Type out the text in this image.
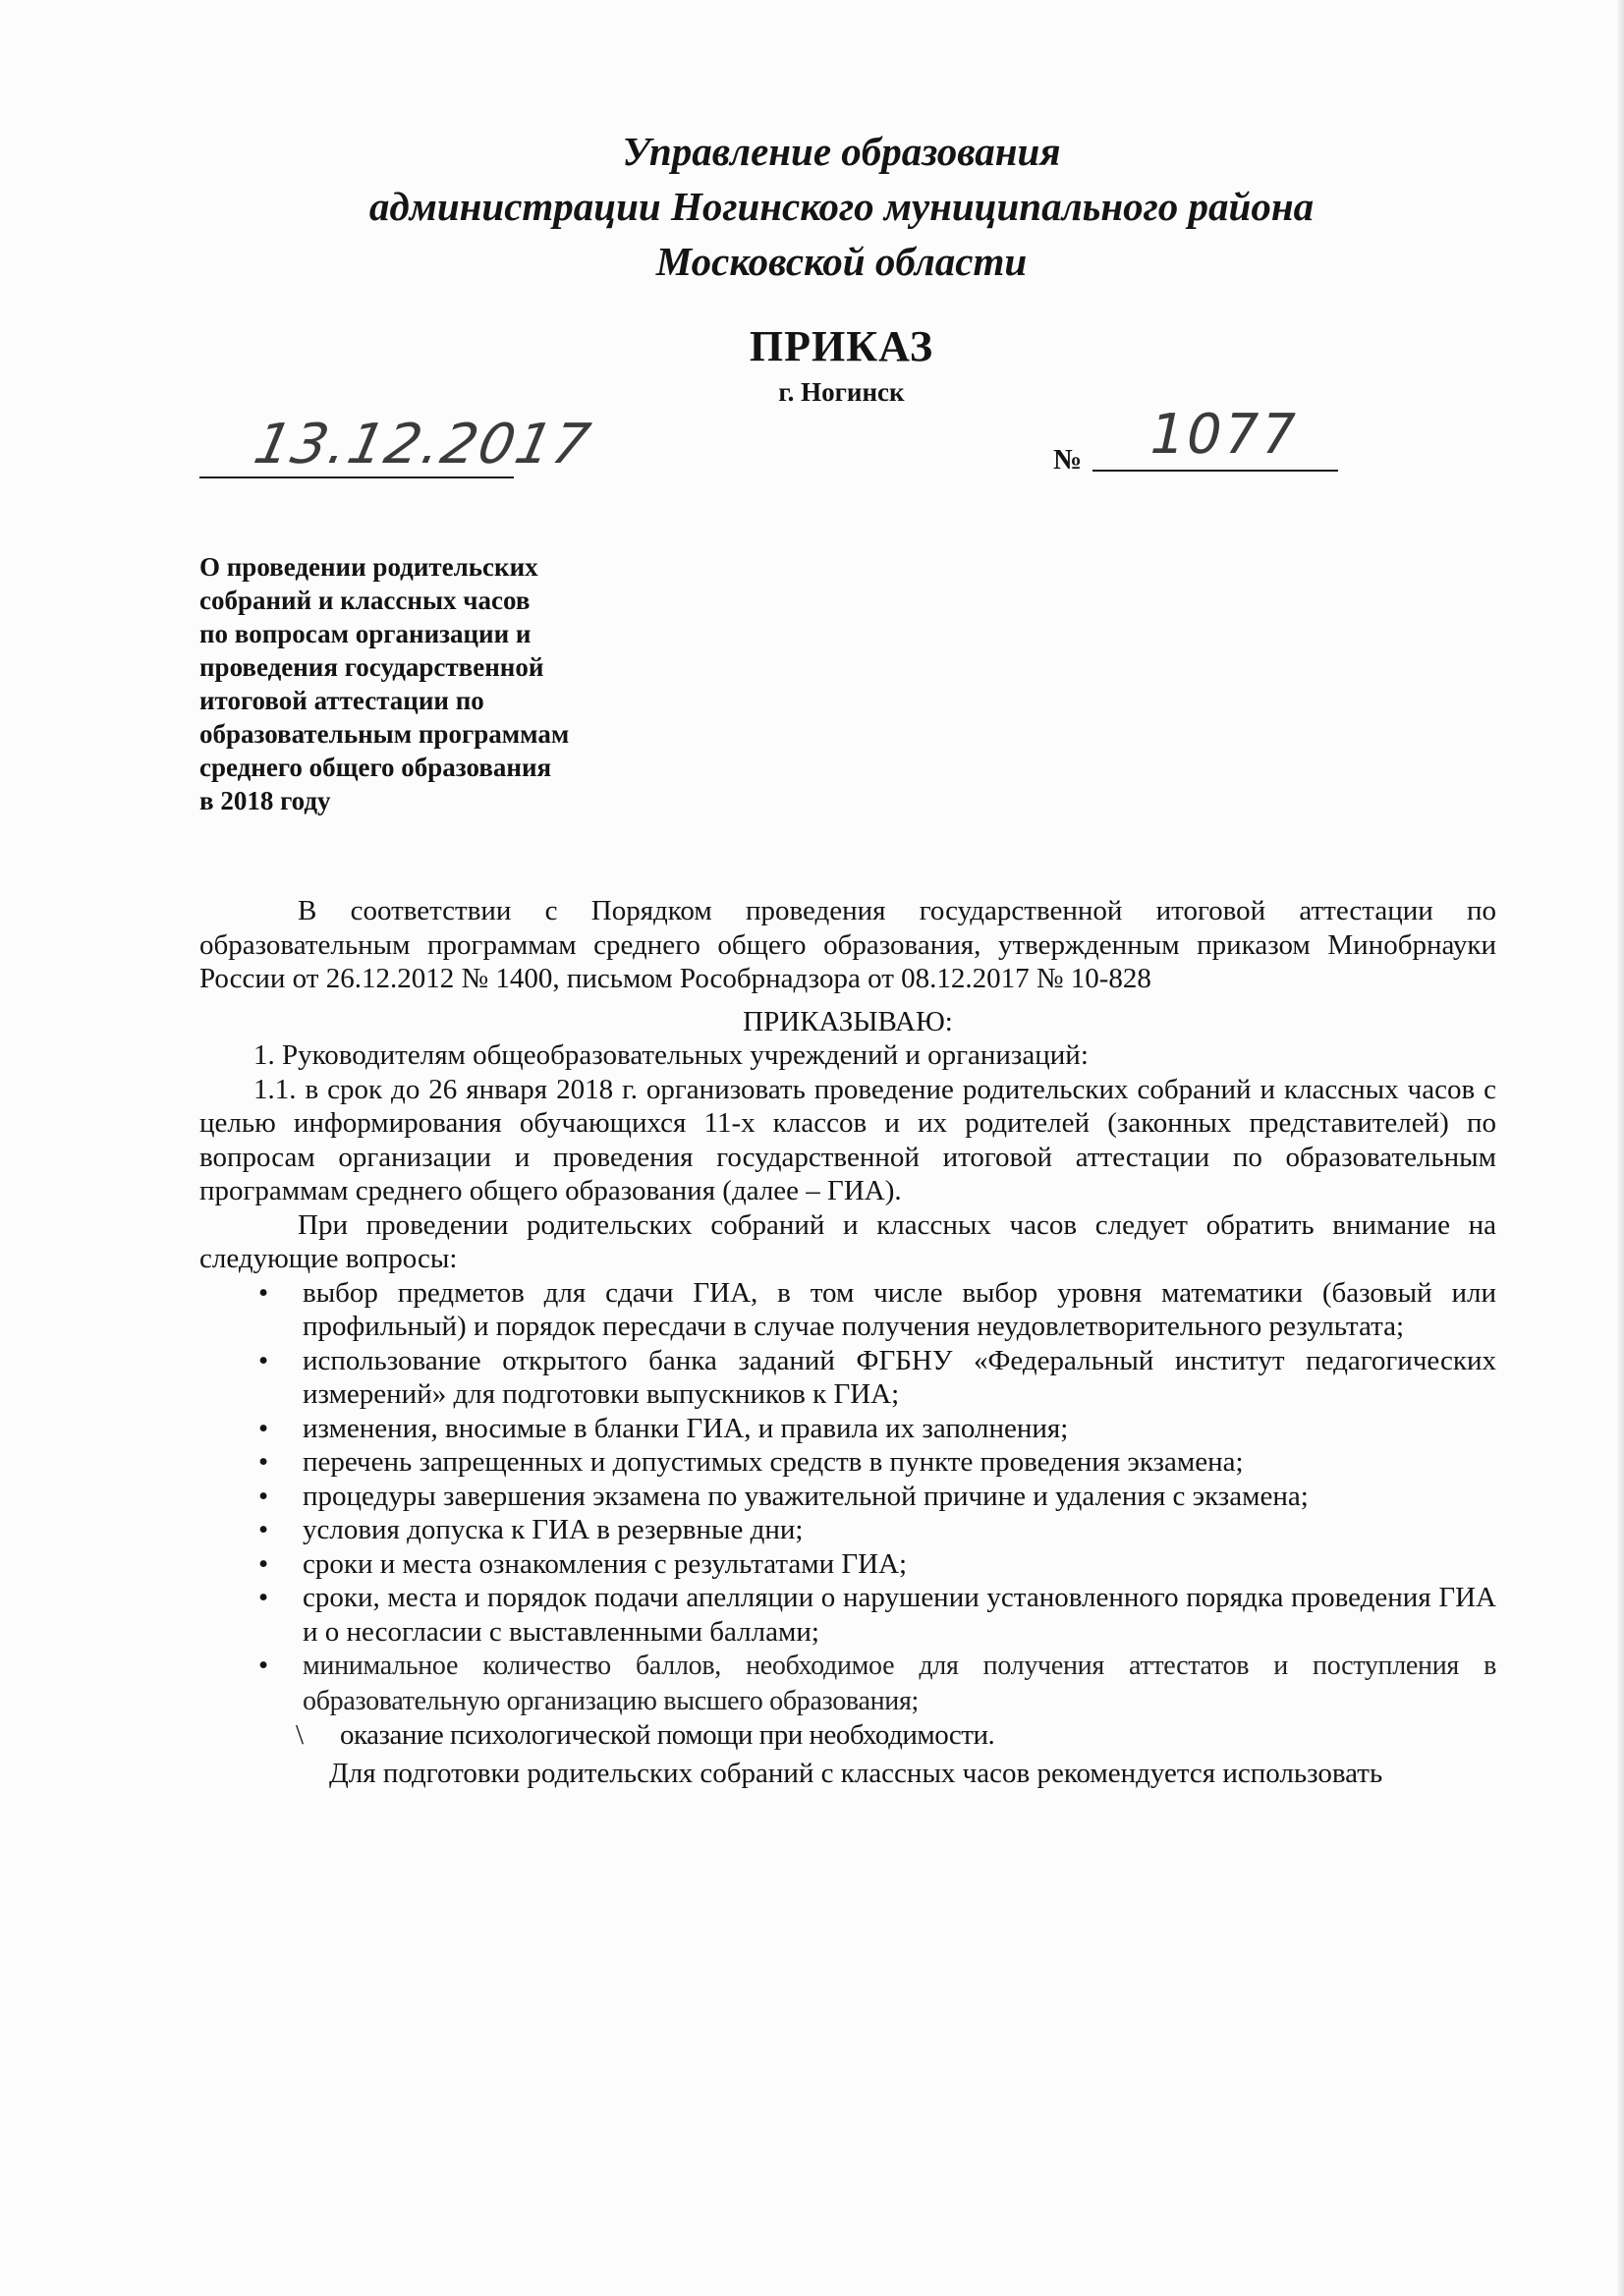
Управление образования
администрации Ногинского муниципального района
Московской области
ПРИКАЗ
г. Ногинск
13.12.2017	№ 1077
О проведении родительских
собраний и классных часов
по вопросам организации и
проведения государственной
итоговой аттестации по
образовательным программам
среднего общего образования
в 2018 году

В соответствии с Порядком проведения государственной итоговой аттестации по образовательным программам среднего общего образования, утвержденным приказом Минобрнауки России от 26.12.2012 № 1400, письмом Рособрнадзора от 08.12.2017 № 10-828

ПРИКАЗЫВАЮ:

1. Руководителям общеобразовательных учреждений и организаций:

1.1. в срок до 26 января 2018 г. организовать проведение родительских собраний и классных часов с целью информирования обучающихся 11-х классов и их родителей (законных представителей) по вопросам организации и проведения государственной итоговой аттестации по образовательным программам среднего общего образования (далее – ГИА).

При проведении родительских собраний и классных часов следует обратить внимание на следующие вопросы:

• выбор предметов для сдачи ГИА, в том числе выбор уровня математики (базовый или профильный) и порядок пересдачи в случае получения неудовлетворительного результата;
• использование открытого банка заданий ФГБНУ «Федеральный институт педагогических измерений» для подготовки выпускников к ГИА;
• изменения, вносимые в бланки ГИА, и правила их заполнения;
• перечень запрещенных и допустимых средств в пункте проведения экзамена;
• процедуры завершения экзамена по уважительной причине и удаления с экзамена;
• условия допуска к ГИА в резервные дни;
• сроки и места ознакомления с результатами ГИА;
• сроки, места и порядок подачи апелляции о нарушении установленного порядка проведения ГИА и о несогласии с выставленными баллами;
• минимальное количество баллов, необходимое для получения аттестатов и поступления в образовательную организацию высшего образования;
\ оказание психологической помощи при необходимости.

Для подготовки родительских собраний с классных часов рекомендуется использовать
